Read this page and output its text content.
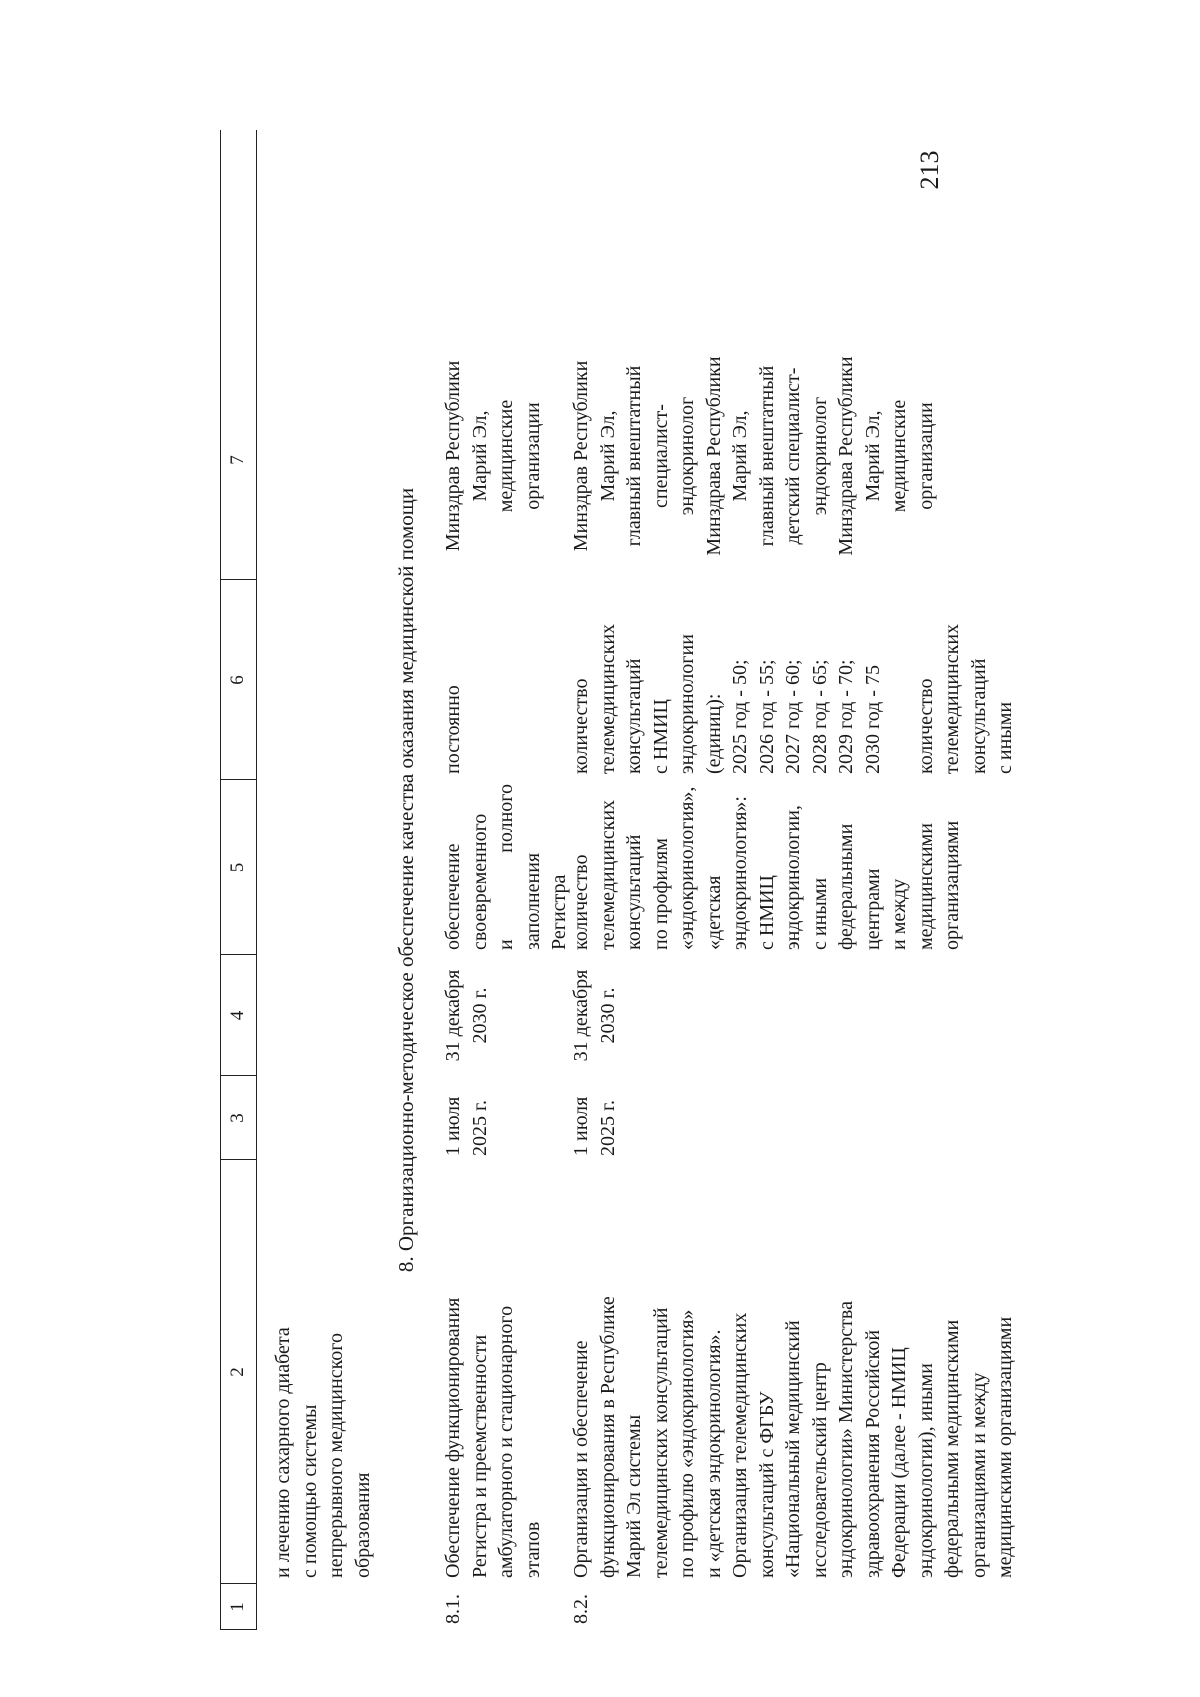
213
1
2
3
4
5
6
7
и лечению сахарного диабета
с помощью системы
непрерывного медицинского
образования
8. Организационно-методическое обеспечение качества оказания медицинской помощи
8.1.
Обеспечение функционирования
Регистра и преемственности
амбулаторного и стационарного
этапов
1 июля
2025 г.
31 декабря
2030 г.
обеспечение
своевременного
и полного заполнения
Регистра
постоянно
Минздрав Республики
Марий Эл,
медицинские
организации
8.2.
Организация и обеспечение
функционирования в Республике
Марий Эл системы
телемедицинских консультаций
по профилю «эндокринология»
и «детская эндокринология».
Организация телемедицинских
консультаций с ФГБУ
«Национальный медицинский
исследовательский центр
эндокринологии» Министерства
здравоохранения Российской
Федерации (далее - НМИЦ
эндокринологии), иными
федеральными медицинскими
организациями и между
медицинскими организациями
1 июля
2025 г.
31 декабря
2030 г.
количество
телемедицинских
консультаций
по профилям
«эндокринология»,
«детская
эндокринология»:
с НМИЦ
эндокринологии,
с иными
федеральными
центрами
и между
медицинскими
организациями
количество
телемедицинских
консультаций
с НМИЦ
эндокринологии
(единиц):
2025 год - 50;
2026 год - 55;
2027 год - 60;
2028 год - 65;
2029 год - 70;
2030 год - 75

количество
телемедицинских
консультаций
с иными
Минздрав Республики
Марий Эл,
главный внештатный
специалист-
эндокринолог
Минздрава Республики
Марий Эл,
главный внештатный
детский специалист-
эндокринолог
Минздрава Республики
Марий Эл,
медицинские
организации
